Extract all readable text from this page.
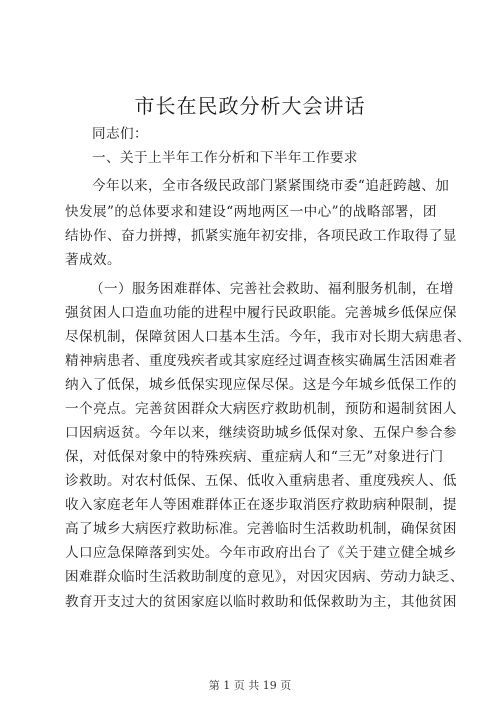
市长在民政分析大会讲话
同志们：
一、关于上半年工作分析和下半年工作要求
今年以来，全市各级民政部门紧紧围绕市委“追赶跨越、加
快发展”的总体要求和建设“两地两区一中心”的战略部署，团
结协作、奋力拼搏，抓紧实施年初安排，各项民政工作取得了显
著成效。
（一）服务困难群体、完善社会救助、福利服务机制，在增
强贫困人口造血功能的进程中履行民政职能。完善城乡低保应保
尽保机制，保障贫困人口基本生活。今年，我市对长期大病患者、
精神病患者、重度残疾者或其家庭经过调查核实确属生活困难者
纳入了低保，城乡低保实现应保尽保。这是今年城乡低保工作的
一个亮点。完善贫困群众大病医疗救助机制，预防和遏制贫困人
口因病返贫。今年以来，继续资助城乡低保对象、五保户参合参
保，对低保对象中的特殊疾病、重症病人和“三无”对象进行门
诊救助。对农村低保、五保、低收入重病患者、重度残疾人、低
收入家庭老年人等困难群体正在逐步取消医疗救助病种限制，提
高了城乡大病医疗救助标准。完善临时生活救助机制，确保贫困
人口应急保障落到实处。今年市政府出台了《关于建立健全城乡
困难群众临时生活救助制度的意见》，对因灾因病、劳动力缺乏、
教育开支过大的贫困家庭以临时救助和低保救助为主，其他贫困
第 1 页 共 19 页
